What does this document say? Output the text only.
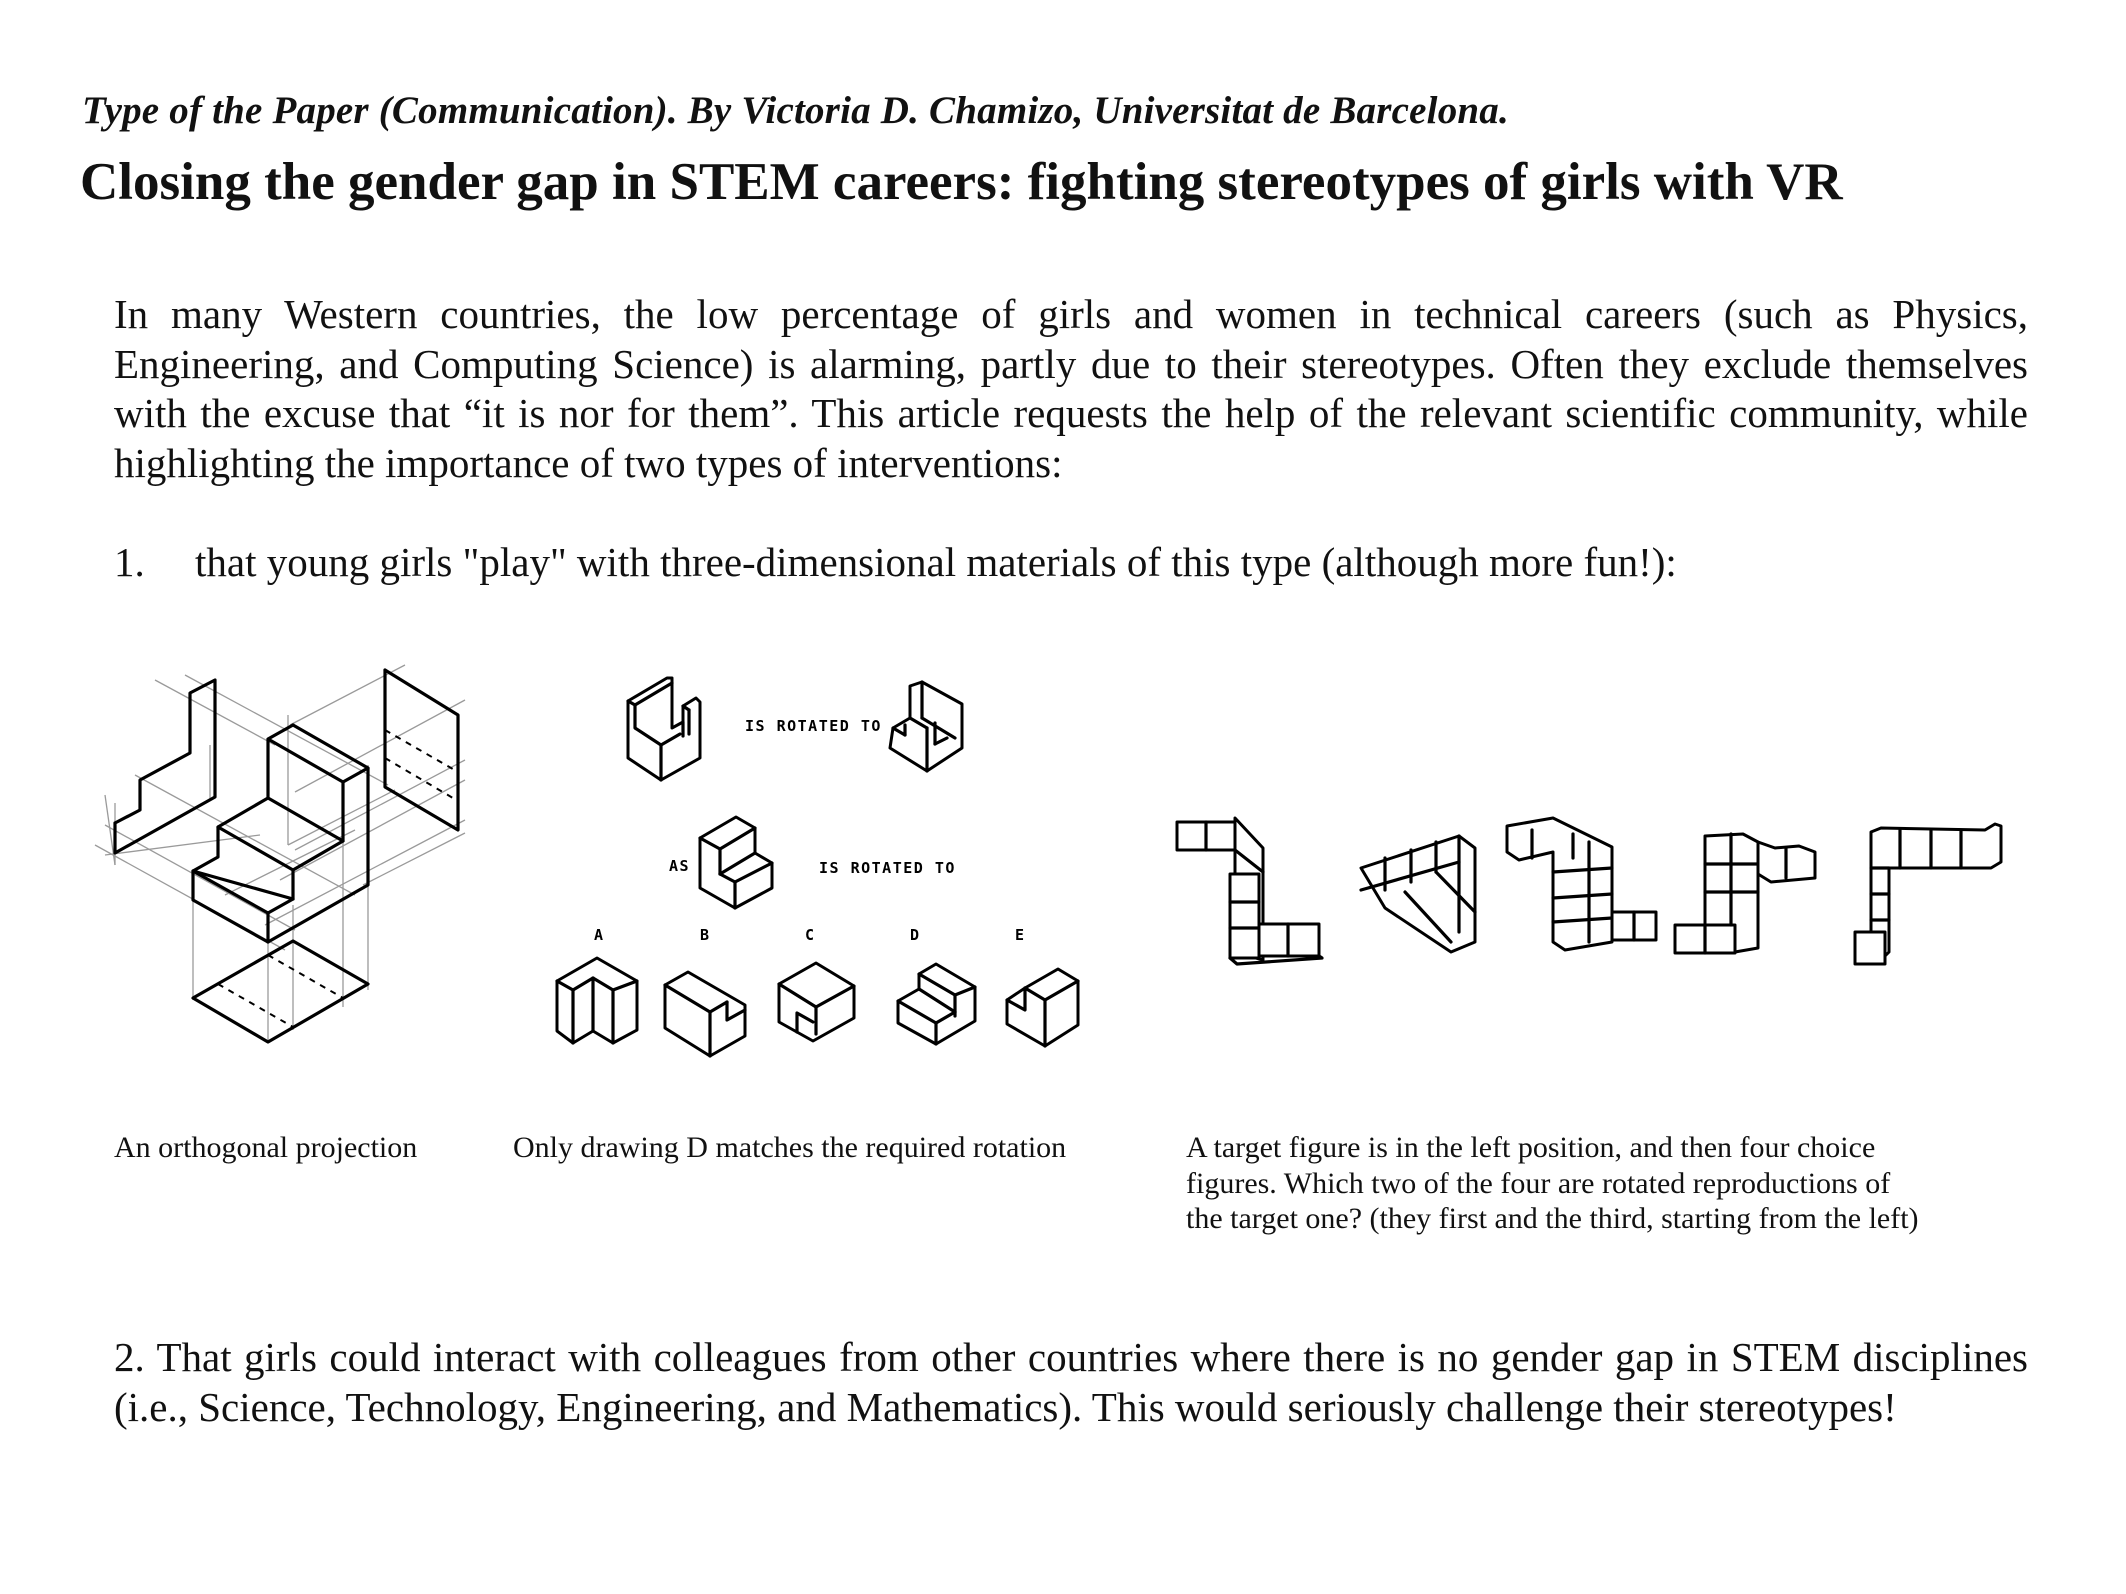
Type of the Paper (Communication). By Victoria D. Chamizo, Universitat de Barcelona.
Closing the gender gap in STEM careers: fighting stereotypes of girls with VR
In many Western countries, the low percentage of girls and women in technical careers (such as Physics, Engineering, and Computing Science) is alarming, partly due to their stereotypes. Often they exclude themselves with the excuse that “it is nor for them”. This article requests the help of the relevant scientific community, while highlighting the importance of two types of interventions:
1. that young girls "play" with three-dimensional materials of this type (although more fun!):
IS ROTATED TO
AS	IS ROTATED TO
A	B	C	D	E
An orthogonal projection	Only drawing D matches the required rotation	A target figure is in the left position, and then four choice
figures. Which two of the four are rotated reproductions of
the target one? (they first and the third, starting from the left)
2. That girls could interact with colleagues from other countries where there is no gender gap in STEM disciplines (i.e., Science, Technology, Engineering, and Mathematics). This would seriously challenge their stereotypes!
